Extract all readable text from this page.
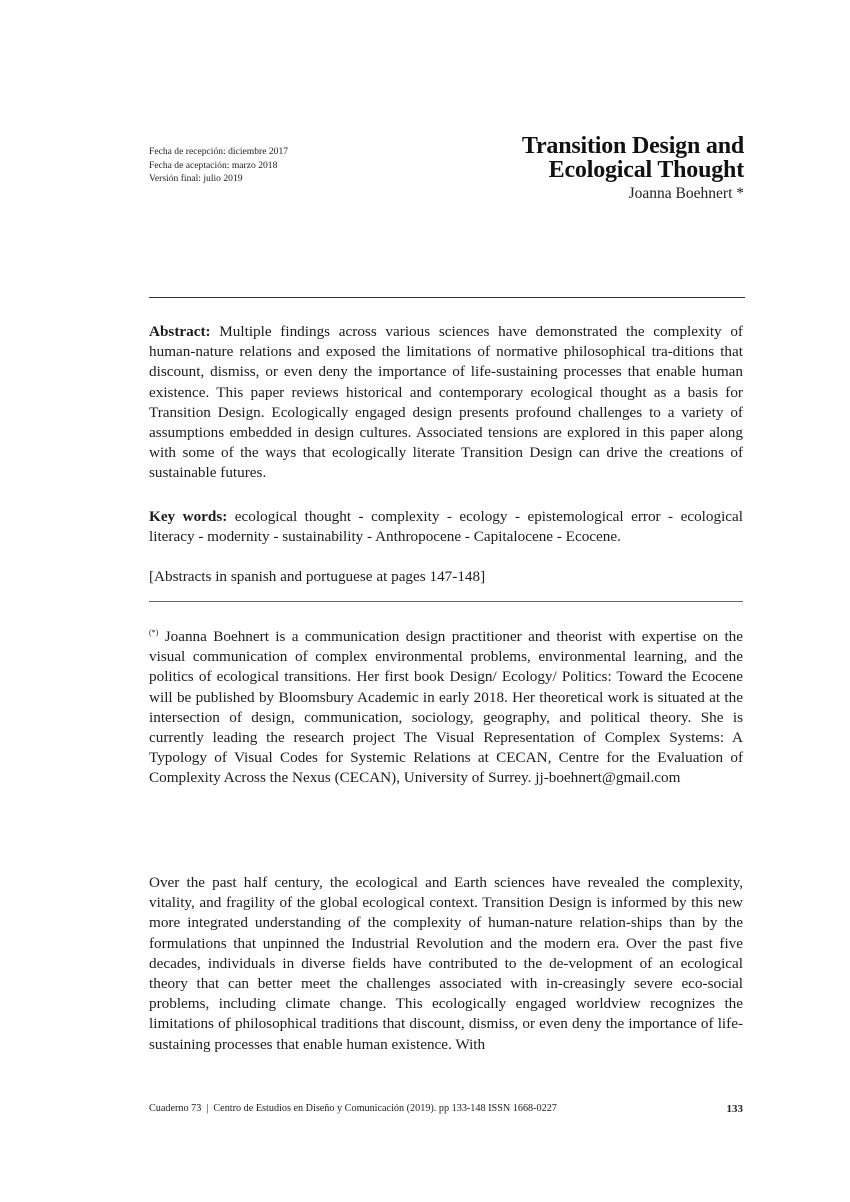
Fecha de recepción: diciembre 2017
Fecha de aceptación: marzo 2018
Versión final: julio 2019
Transition Design and
Ecological Thought
Joanna Boehnert *

Abstract: Multiple findings across various sciences have demonstrated the complexity of human-nature relations and exposed the limitations of normative philosophical tra-ditions that discount, dismiss, or even deny the importance of life-sustaining processes that enable human existence. This paper reviews historical and contemporary ecological thought as a basis for Transition Design. Ecologically engaged design presents profound challenges to a variety of assumptions embedded in design cultures. Associated tensions are explored in this paper along with some of the ways that ecologically literate Transition Design can drive the creations of sustainable futures.

Key words: ecological thought - complexity - ecology - epistemological error - ecological literacy - modernity - sustainability - Anthropocene - Capitalocene - Ecocene.

[Abstracts in spanish and portuguese at pages 147-148]

(*) Joanna Boehnert is a communication design practitioner and theorist with expertise on the visual communication of complex environmental problems, environmental learning, and the politics of ecological transitions. Her first book Design/ Ecology/ Politics: Toward the Ecocene will be published by Bloomsbury Academic in early 2018. Her theoretical work is situated at the intersection of design, communication, sociology, geography, and political theory. She is currently leading the research project The Visual Representation of Complex Systems: A Typology of Visual Codes for Systemic Relations at CECAN, Centre for the Evaluation of Complexity Across the Nexus (CECAN), University of Surrey. jj-boehnert@gmail.com

Over the past half century, the ecological and Earth sciences have revealed the complexity, vitality, and fragility of the global ecological context. Transition Design is informed by this new more integrated understanding of the complexity of human-nature relation-ships than by the formulations that unpinned the Industrial Revolution and the modern era. Over the past five decades, individuals in diverse fields have contributed to the de-velopment of an ecological theory that can better meet the challenges associated with in-creasingly severe eco-social problems, including climate change. This ecologically engaged worldview recognizes the limitations of philosophical traditions that discount, dismiss, or even deny the importance of life-sustaining processes that enable human existence. With

Cuaderno 73 | Centro de Estudios en Diseño y Comunicación (2019). pp 133-148 ISSN 1668-0227	133
